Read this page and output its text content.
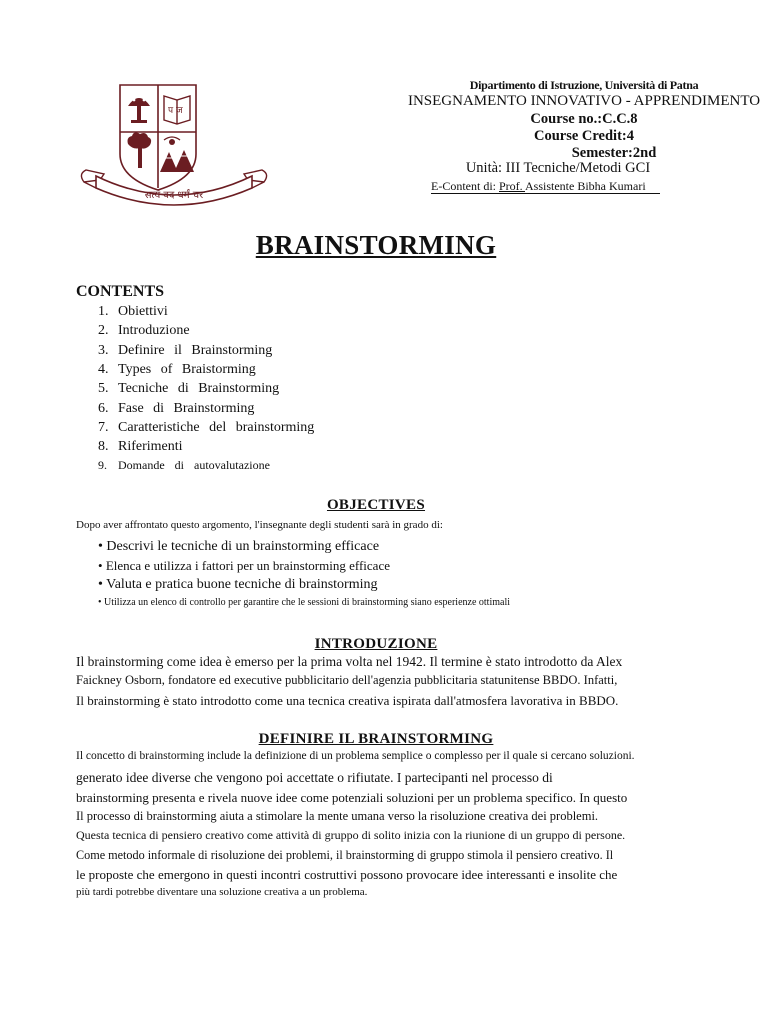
प ज
सत्यं वद धर्मं चर
Dipartimento di Istruzione, Università di Patna
INSEGNAMENTO INNOVATIVO - APPRENDIMENTO
Course no.:C.C.8
Course Credit:4
Semester:2nd
Unità: III Tecniche/Metodi GCI
E-Content di: Prof. Assistente Bibha Kumari
BRAINSTORMING
CONTENTS
1. Obiettivi
2. Introduzione
3. Definire il Brainstorming
4. Types of Braistorming
5. Tecniche di Brainstorming
6. Fase di Brainstorming
7. Caratteristiche del brainstorming
8. Riferimenti
9. Domande di autovalutazione
OBJECTIVES
Dopo aver affrontato questo argomento, l'insegnante degli studenti sarà in grado di:
• Descrivi le tecniche di un brainstorming efficace
• Elenca e utilizza i fattori per un brainstorming efficace
• Valuta e pratica buone tecniche di brainstorming
• Utilizza un elenco di controllo per garantire che le sessioni di brainstorming siano esperienze ottimali
INTRODUZIONE
Il brainstorming come idea è emerso per la prima volta nel 1942. Il termine è stato introdotto da Alex
Faickney Osborn, fondatore ed executive pubblicitario dell'agenzia pubblicitaria statunitense BBDO. Infatti,
Il brainstorming è stato introdotto come una tecnica creativa ispirata dall'atmosfera lavorativa in BBDO.
DEFINIRE IL BRAINSTORMING
Il concetto di brainstorming include la definizione di un problema semplice o complesso per il quale si cercano soluzioni.
generato idee diverse che vengono poi accettate o rifiutate. I partecipanti nel processo di
brainstorming presenta e rivela nuove idee come potenziali soluzioni per un problema specifico. In questo
Il processo di brainstorming aiuta a stimolare la mente umana verso la risoluzione creativa dei problemi.
Questa tecnica di pensiero creativo come attività di gruppo di solito inizia con la riunione di un gruppo di persone.
Come metodo informale di risoluzione dei problemi, il brainstorming di gruppo stimola il pensiero creativo. Il
le proposte che emergono in questi incontri costruttivi possono provocare idee interessanti e insolite che
più tardi potrebbe diventare una soluzione creativa a un problema.
